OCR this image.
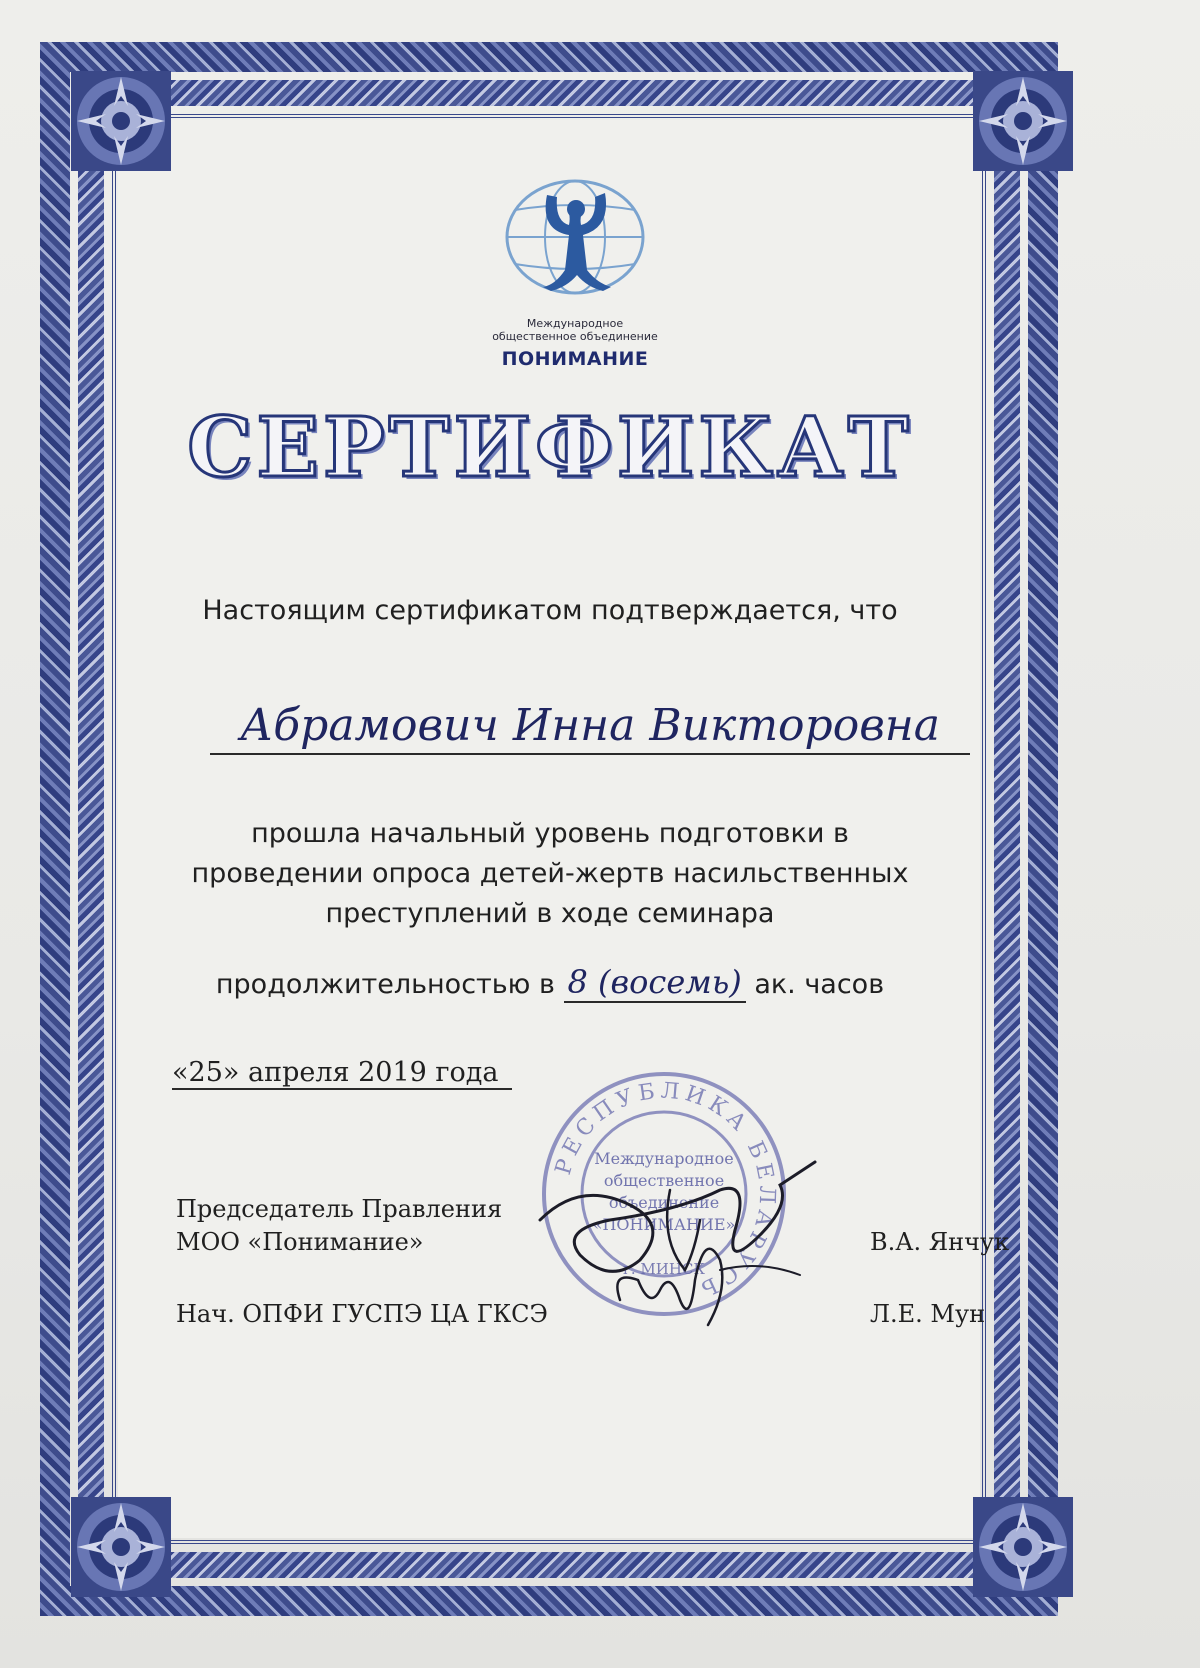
Международное
общественное объединение
ПОНИМАНИЕ
СЕРТИФИКАТ
Настоящим сертификатом подтверждается, что
Абрамович Инна Викторовна
прошла начальный уровень подготовки в
проведении опроса детей-жертв насильственных
преступлений в ходе семинара
продолжительностью в 8 (восемь) ак. часов
«25» апреля 2019 года
РЕСПУБЛИКА БЕЛАРУСЬ
Международное
общественное
объединение
«ПОНИМАНИЕ»
г. МИНСК
Председатель Правления
МОО «Понимание»	В.А. Янчук
Нач. ОПФИ ГУСПЭ ЦА ГКСЭ	Л.Е. Мун
